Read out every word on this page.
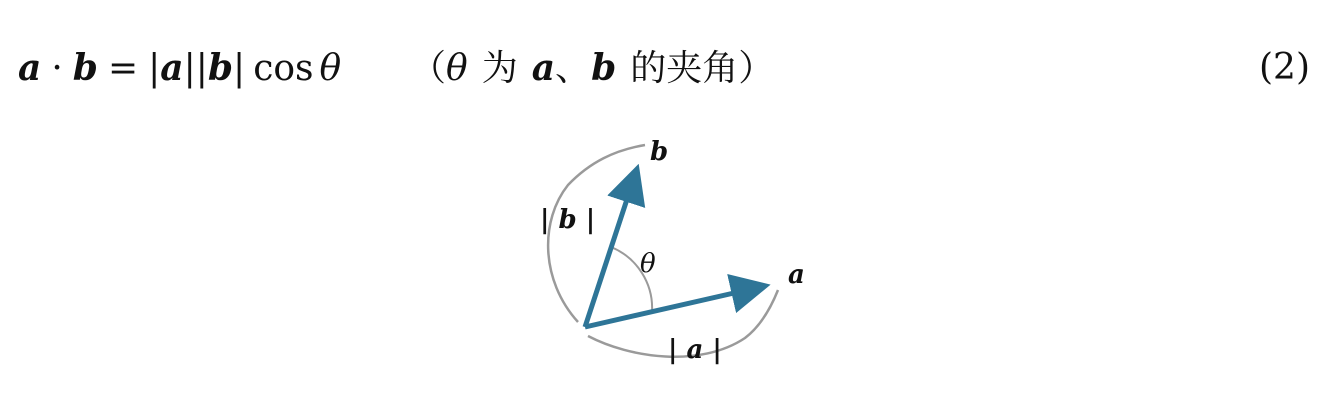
a · b = | a | | b | cos θ （ θ 为 a 、 b 的夹角 ）	(2)
b
a
θ
| b |
| a |
